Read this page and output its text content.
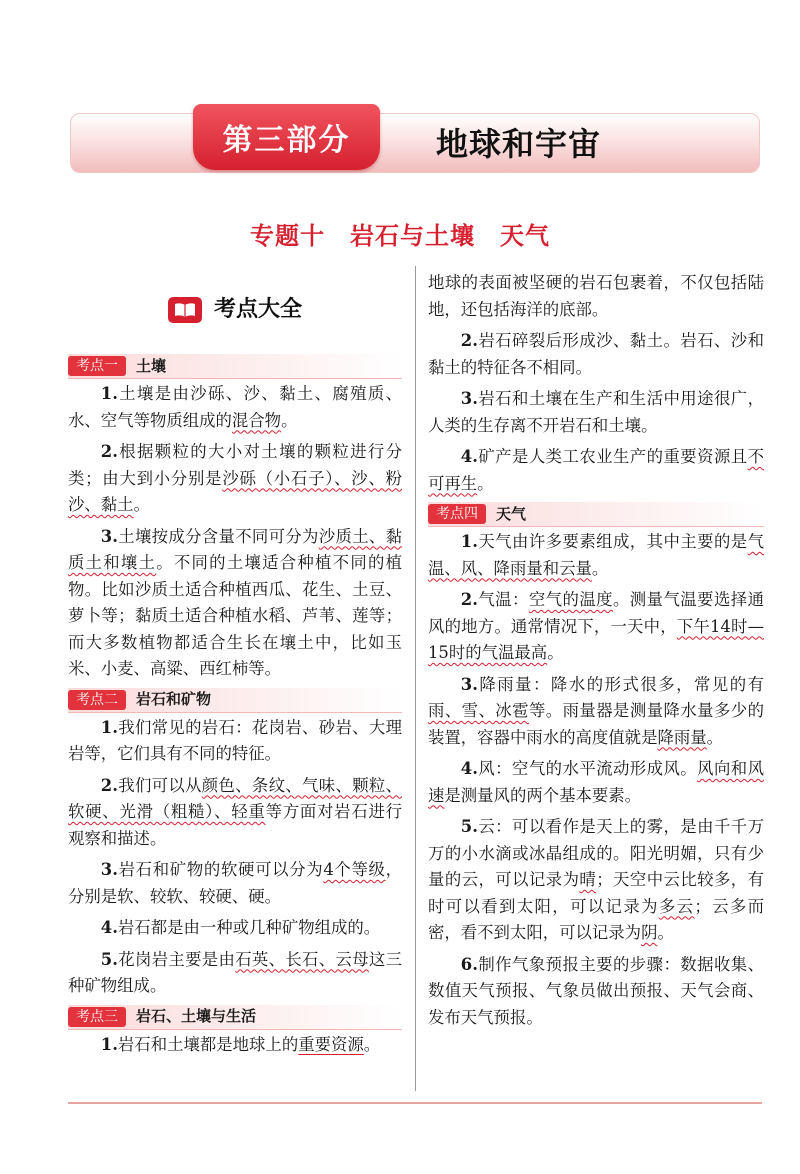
第三部分	地球和宇宙
专题十　岩石与土壤　天气
考点大全
考点一	土壤

1.土壤是由沙砾、沙、黏土、腐殖质、水、空气等物质组成的混合物。

2.根据颗粒的大小对土壤的颗粒进行分类；由大到小分别是沙砾（小石子）、沙、粉沙、黏土。

3.土壤按成分含量不同可分为沙质土、黏质土和壤土。不同的土壤适合种植不同的植物。比如沙质土适合种植西瓜、花生、土豆、萝卜等；黏质土适合种植水稻、芦苇、莲等；而大多数植物都适合生长在壤土中，比如玉米、小麦、高粱、西红柿等。

考点二	岩石和矿物

1.我们常见的岩石：花岗岩、砂岩、大理岩等，它们具有不同的特征。

2.我们可以从颜色、条纹、气味、颗粒、软硬、光滑（粗糙）、轻重等方面对岩石进行观察和描述。

3.岩石和矿物的软硬可以分为4个等级，分别是软、较软、较硬、硬。

4.岩石都是由一种或几种矿物组成的。

5.花岗岩主要是由石英、长石、云母这三种矿物组成。

考点三	岩石、土壤与生活

1.岩石和土壤都是地球上的重要资源。

地球的表面被坚硬的岩石包裹着，不仅包括陆地，还包括海洋的底部。

2.岩石碎裂后形成沙、黏土。岩石、沙和黏土的特征各不相同。

3.岩石和土壤在生产和生活中用途很广，人类的生存离不开岩石和土壤。

4.矿产是人类工农业生产的重要资源且不可再生。

考点四	天气

1.天气由许多要素组成，其中主要的是气温、风、降雨量和云量。

2.气温：空气的温度。测量气温要选择通风的地方。通常情况下，一天中，下午14时—15时的气温最高。

3.降雨量：降水的形式很多，常见的有雨、雪、冰雹等。雨量器是测量降水量多少的装置，容器中雨水的高度值就是降雨量。

4.风：空气的水平流动形成风。风向和风速是测量风的两个基本要素。

5.云：可以看作是天上的雾，是由千千万万的小水滴或冰晶组成的。阳光明媚，只有少量的云，可以记录为晴；天空中云比较多，有时可以看到太阳，可以记录为多云；云多而密，看不到太阳，可以记录为阴。

6.制作气象预报主要的步骤：数据收集、数值天气预报、气象员做出预报、天气会商、发布天气预报。
